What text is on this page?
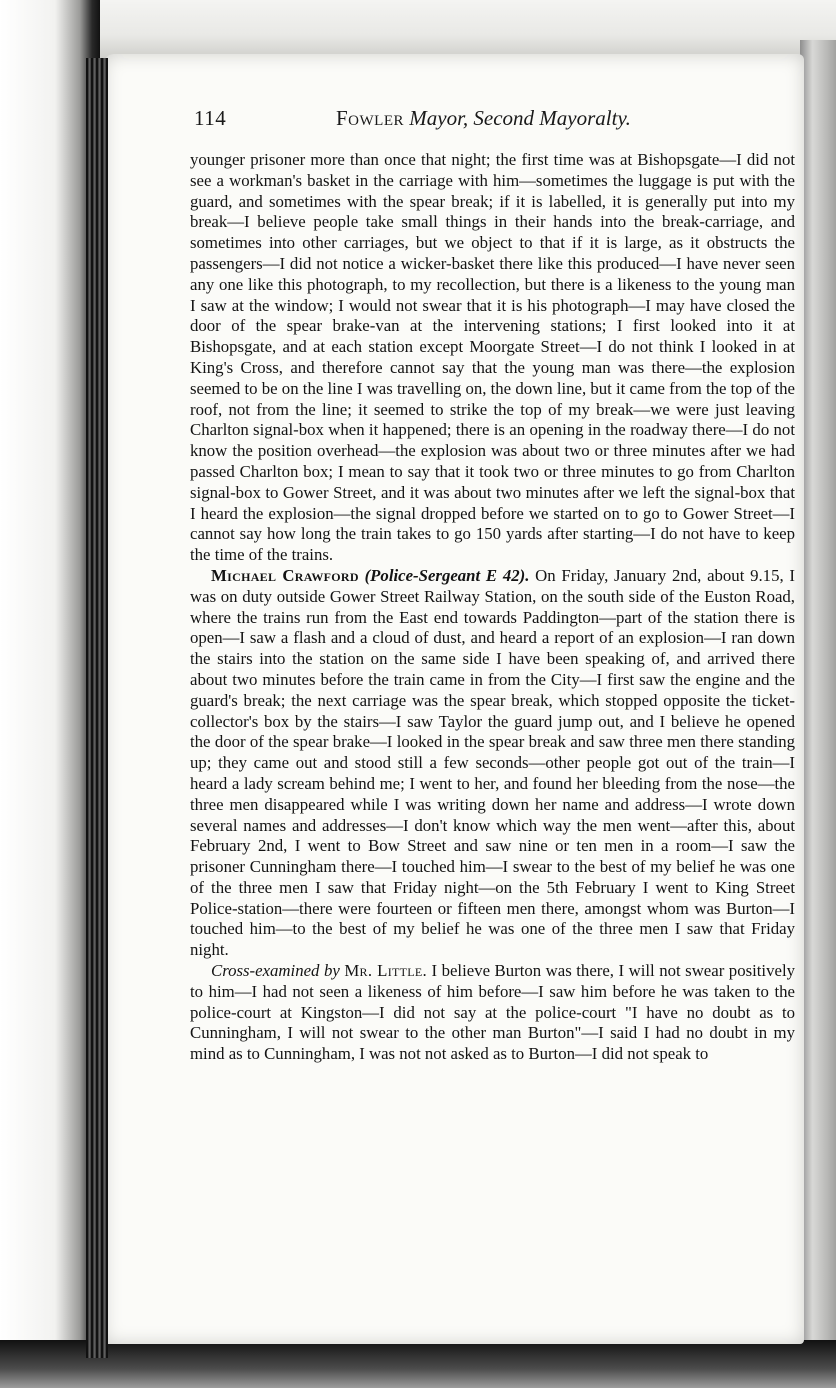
114	Fowler Mayor, Second Mayoralty.

younger prisoner more than once that night; the first time was at Bishopsgate—I did not see a workman's basket in the carriage with him—sometimes the luggage is put with the guard, and sometimes with the spear break; if it is labelled, it is generally put into my break—I believe people take small things in their hands into the break-carriage, and sometimes into other carriages, but we object to that if it is large, as it obstructs the passengers—I did not notice a wicker-basket there like this produced—I have never seen any one like this photograph, to my recollection, but there is a likeness to the young man I saw at the window; I would not swear that it is his photograph—I may have closed the door of the spear brake-van at the intervening stations; I first looked into it at Bishopsgate, and at each station except Moorgate Street—I do not think I looked in at King's Cross, and therefore cannot say that the young man was there—the explosion seemed to be on the line I was travelling on, the down line, but it came from the top of the roof, not from the line; it seemed to strike the top of my break—we were just leaving Charlton signal-box when it happened; there is an opening in the roadway there—I do not know the position overhead—the explosion was about two or three minutes after we had passed Charlton box; I mean to say that it took two or three minutes to go from Charlton signal-box to Gower Street, and it was about two minutes after we left the signal-box that I heard the explosion—the signal dropped before we started on to go to Gower Street—I cannot say how long the train takes to go 150 yards after starting—I do not have to keep the time of the trains.

Michael Crawford (Police-Sergeant E 42). On Friday, January 2nd, about 9.15, I was on duty outside Gower Street Railway Station, on the south side of the Euston Road, where the trains run from the East end towards Paddington—part of the station there is open—I saw a flash and a cloud of dust, and heard a report of an explosion—I ran down the stairs into the station on the same side I have been speaking of, and arrived there about two minutes before the train came in from the City—I first saw the engine and the guard's break; the next carriage was the spear break, which stopped opposite the ticket-collector's box by the stairs—I saw Taylor the guard jump out, and I believe he opened the door of the spear brake—I looked in the spear break and saw three men there standing up; they came out and stood still a few seconds—other people got out of the train—I heard a lady scream behind me; I went to her, and found her bleeding from the nose—the three men disappeared while I was writing down her name and address—I wrote down several names and addresses—I don't know which way the men went—after this, about February 2nd, I went to Bow Street and saw nine or ten men in a room—I saw the prisoner Cunningham there—I touched him—I swear to the best of my belief he was one of the three men I saw that Friday night—on the 5th February I went to King Street Police-station—there were fourteen or fifteen men there, amongst whom was Burton—I touched him—to the best of my belief he was one of the three men I saw that Friday night.

Cross-examined by Mr. Little. I believe Burton was there, I will not swear positively to him—I had not seen a likeness of him before—I saw him before he was taken to the police-court at Kingston—I did not say at the police-court "I have no doubt as to Cunningham, I will not swear to the other man Burton"—I said I had no doubt in my mind as to Cunningham, I was not not asked as to Burton—I did not speak to
